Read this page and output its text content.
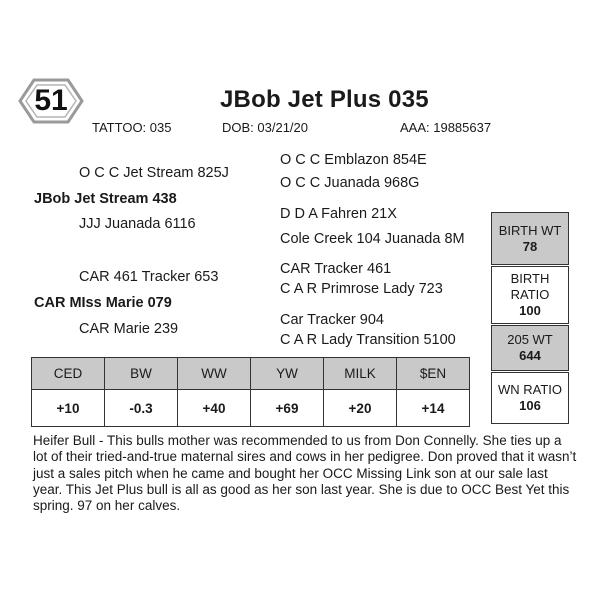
51	JBob Jet Plus 035
TATTOO: 035	DOB: 03/21/20	AAA: 19885637
O C C Jet Stream 825J
JBob Jet Stream 438
JJJ Juanada 6116
CAR 461 Tracker 653
CAR MIss Marie 079
CAR Marie 239
O C C Emblazon 854E
O C C Juanada 968G
D D A Fahren 21X
Cole Creek 104 Juanada 8M
CAR Tracker 461
C A R Primrose Lady 723
Car Tracker 904
C A R Lady Transition 5100
BIRTH WT
78
BIRTH
RATIO
100
205 WT
644
WN RATIO
106
CED	BW	WW	YW	MILK	$EN
+10	-0.3	+40	+69	+20	+14
Heifer Bull - This bulls mother was recommended to us from Don Connelly. She ties up a lot of their tried-and-true maternal sires and cows in her pedigree. Don proved that it wasn’t just a sales pitch when he came and bought her OCC Missing Link son at our sale last year. This Jet Plus bull is all as good as her son last year. She is due to OCC Best Yet this spring. 97 on her calves.
